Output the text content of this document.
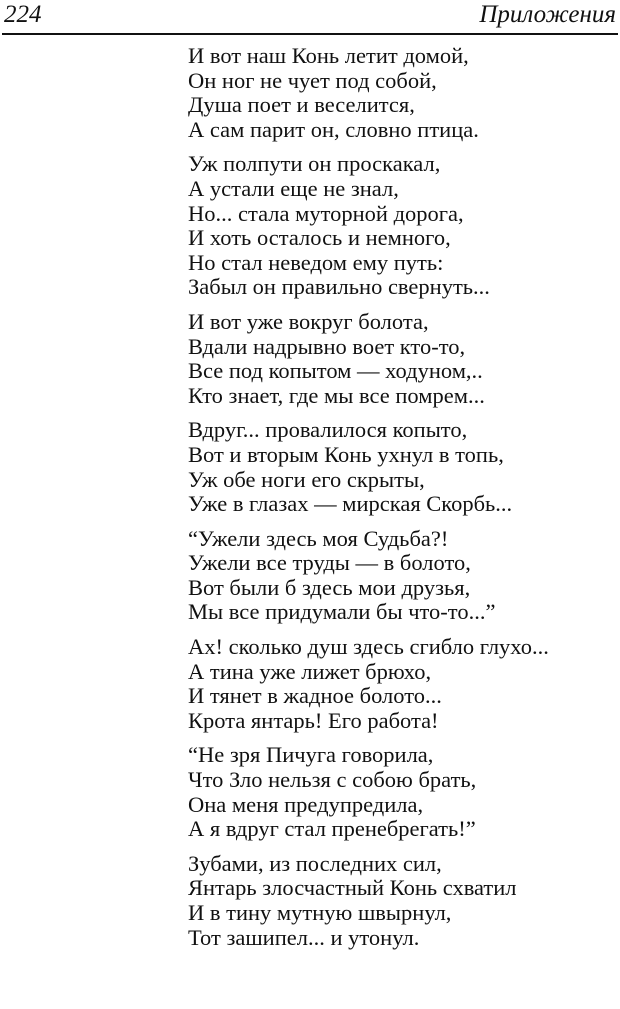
224	Приложения
И вот наш Конь летит домой,
Он ног не чует под собой,
Душа поет и веселится,
А сам парит он, словно птица.
Уж полпути он проскакал,
А устали еще не знал,
Но... стала муторной дорога,
И хоть осталось и немного,
Но стал неведом ему путь:
Забыл он правильно свернуть...
И вот уже вокруг болота,
Вдали надрывно воет кто-то,
Все под копытом — ходуном,..
Кто знает, где мы все помрем...
Вдруг... провалилося копыто,
Вот и вторым Конь ухнул в топь,
Уж обе ноги его скрыты,
Уже в глазах — мирская Скорбь...
“Ужели здесь моя Судьба?!
Ужели все труды — в болото,
Вот были б здесь мои друзья,
Мы все придумали бы что-то...”
Ах! сколько душ здесь сгибло глухо...
А тина уже лижет брюхо,
И тянет в жадное болото...
Крота янтарь! Его работа!
“Не зря Пичуга говорила,
Что Зло нельзя с собою брать,
Она меня предупредила,
А я вдруг стал пренебрегать!”
Зубами, из последних сил,
Янтарь злосчастный Конь схватил
И в тину мутную швырнул,
Тот зашипел... и утонул.
